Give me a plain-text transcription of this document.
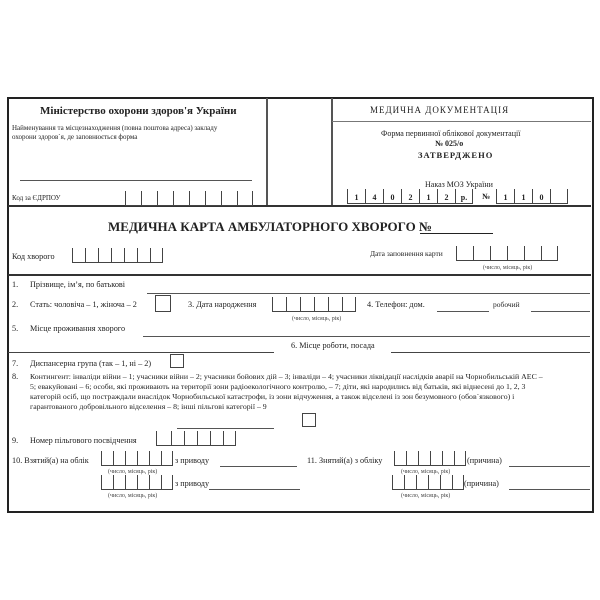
Міністерство охорони здоров'я України
Найменування та місцезнаходження (повна поштова адреса) закладу
охорони здоров`я, де заповнюється форма
Код за ЄДРПОУ
МЕДИЧНА ДОКУМЕНТАЦІЯ
Форма первинної облікової документації
№ 025/о
ЗАТВЕРДЖЕНО
Наказ МОЗ України
1	4	0	2	1	2	р.	№	1	1	0
МЕДИЧНА КАРТА АМБУЛАТОРНОГО ХВОРОГО №
Код хворого	Дата заповнення карти
(число, місяць, рік)
1. Прізвище, ім’я, по батькові
2. Стать: чоловіча – 1, жіноча – 2	3. Дата народження
(число, місяць, рік)
4. Телефон: дом.	робочий
5. Місце проживання хворого
6. Місце роботи, посада
7. Диспансерна група (так – 1, ні – 2)
8. Контингент: інваліди війни – 1; учасники війни – 2; учасники бойових дій – 3; інваліди – 4; учасники ліквідації наслідків аварії на Чорнобильській АЕС –
5; евакуйовані – 6; особи, які проживають на території зони радіоекологічного контролю, – 7; діти, які народились від батьків, які віднесені до 1, 2, 3
категорій осіб, що постраждали внаслідок Чорнобильської катастрофи, із зони відчуження, а також відселені із зон безумовного (обов`язкового) і
гарантованого добровільного відселення – 8; інші пільгові категорії – 9
9. Номер пільгового посвідчення
10. Взятий(а) на облік
(число, місяць, рік)
з приводу
(число, місяць, рік)
з приводу
11. Знятий(а) з обліку
(число, місяць, рік)
(причина)
(число, місяць, рік)
(причина)
